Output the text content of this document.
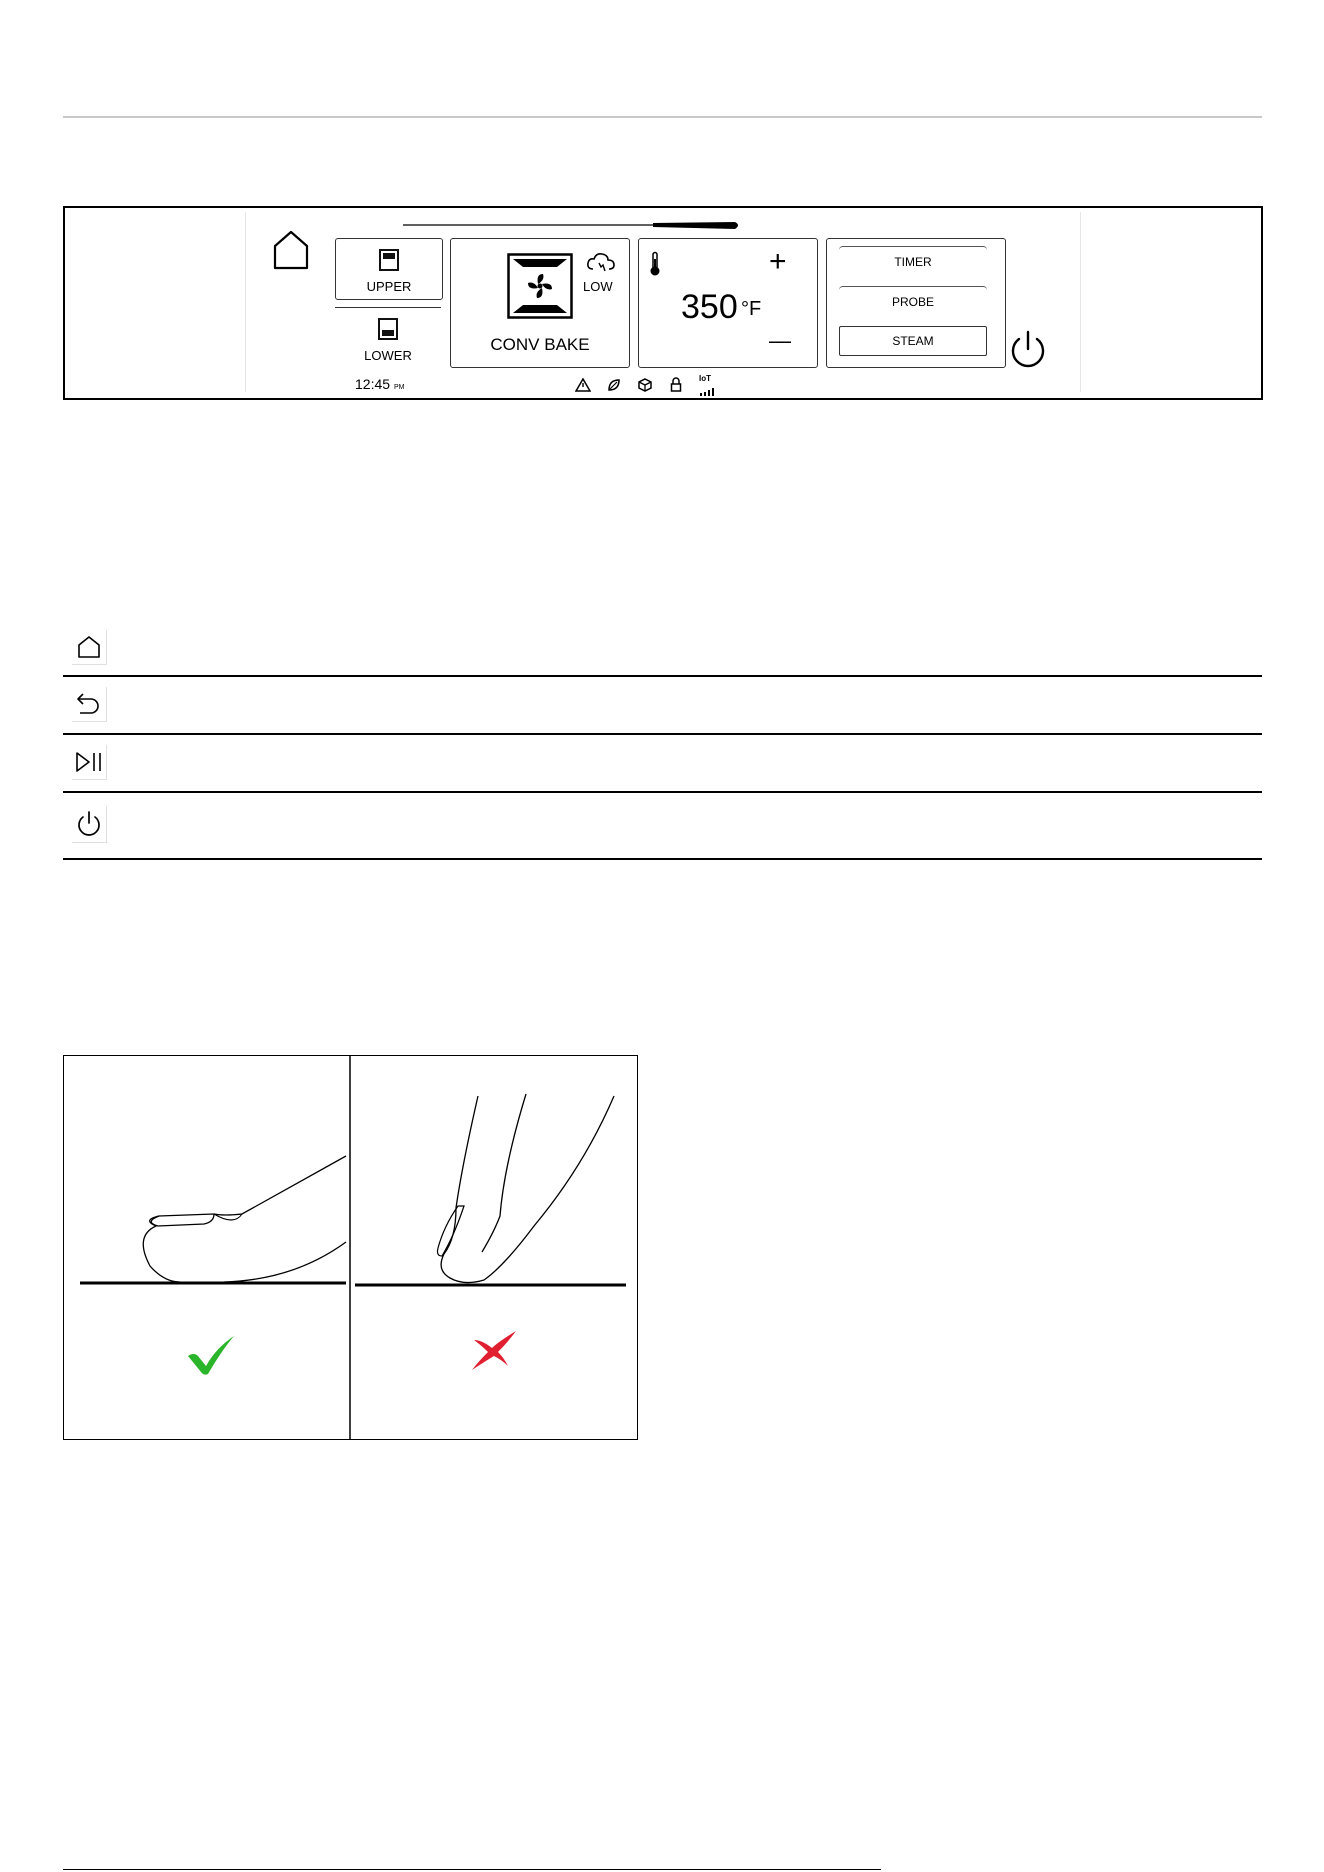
UPPER
LOWER
LOW
CONV BAKE
+
350 °F
—
TIMER
PROBE
STEAM
12:45 PM
IoT
